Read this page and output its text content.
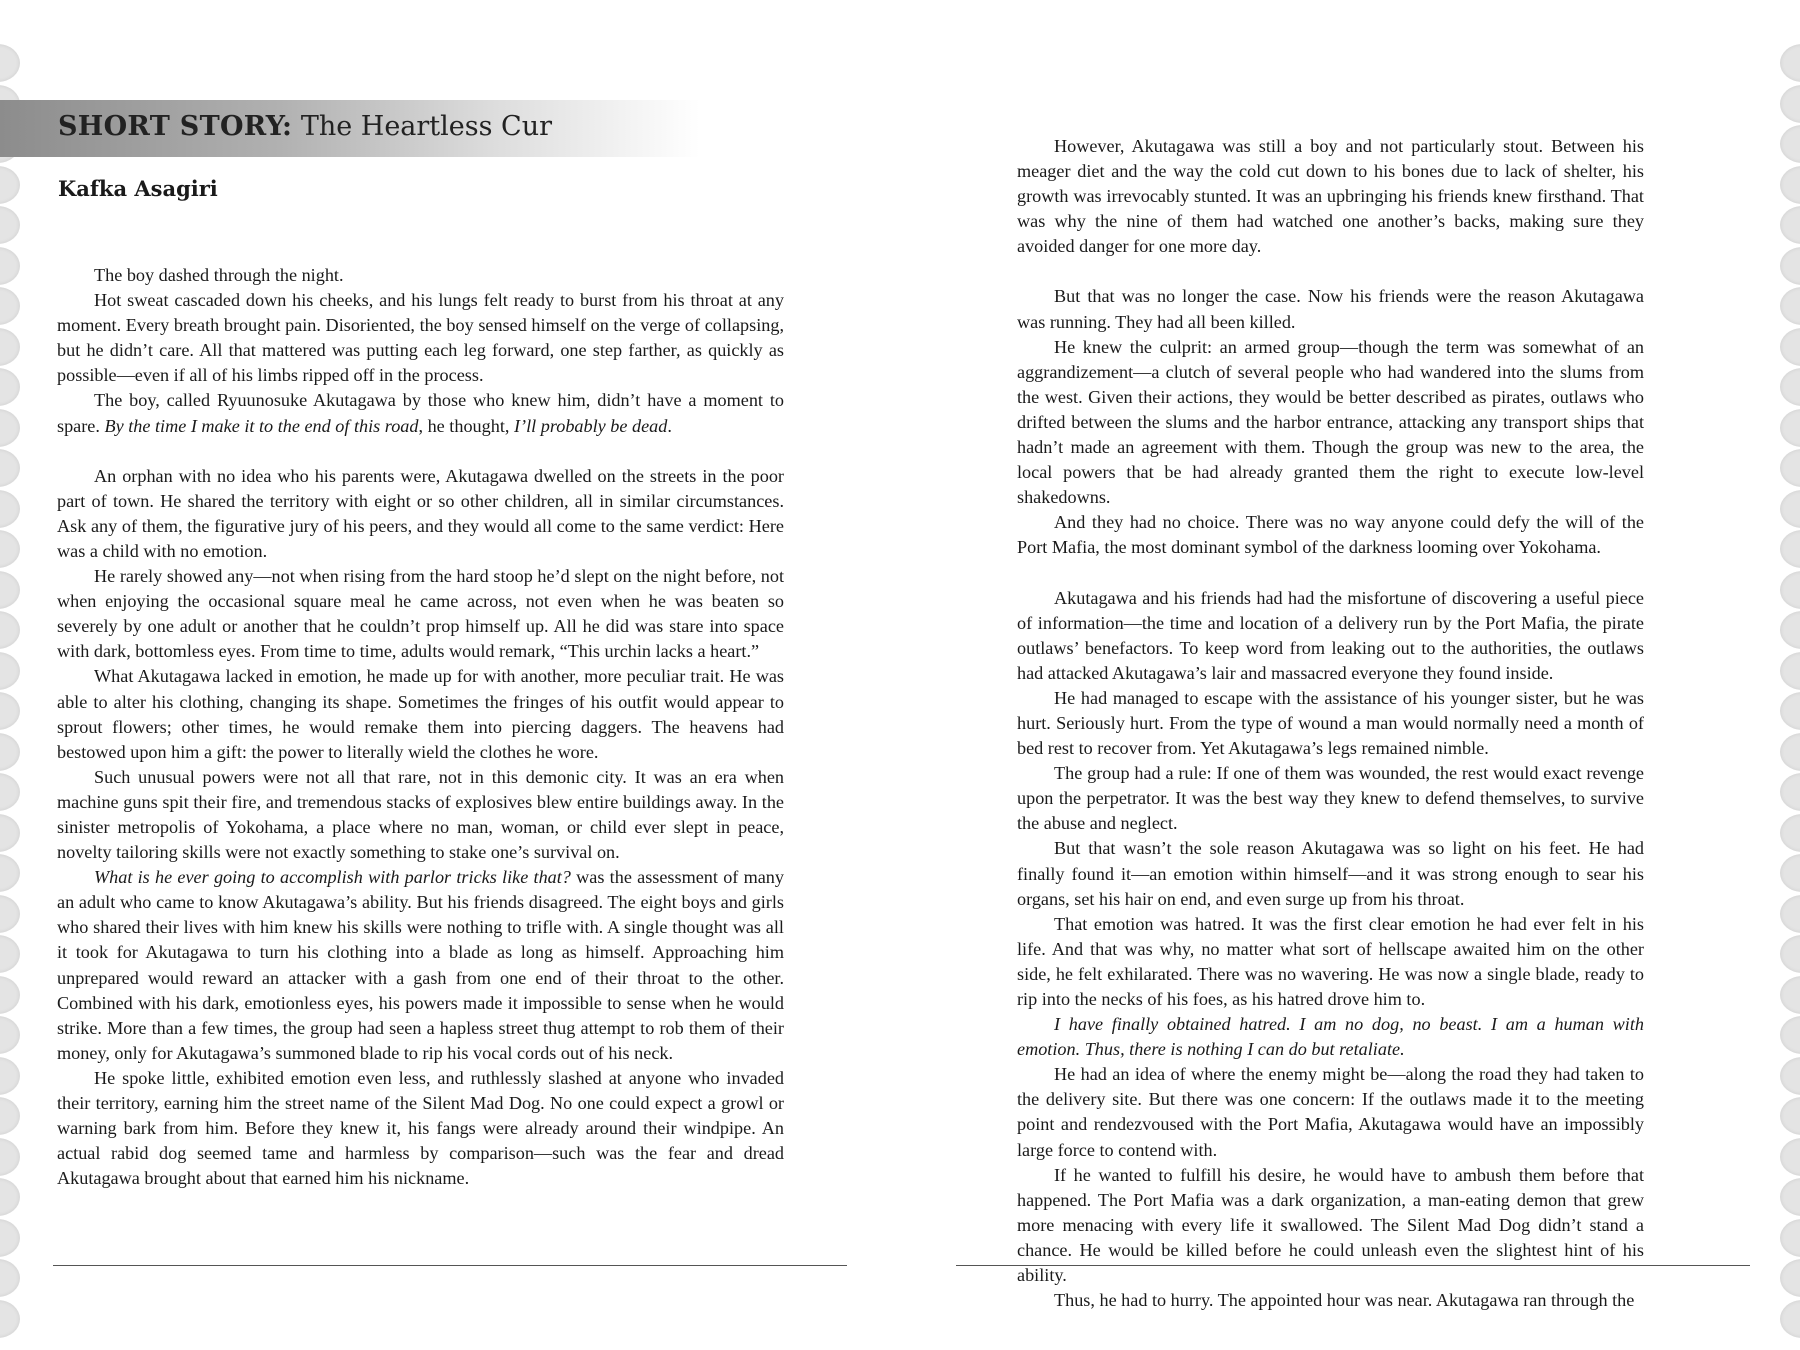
SHORT STORY: The Heartless Cur
Kafka Asagiri

The boy dashed through the night.

Hot sweat cascaded down his cheeks, and his lungs felt ready to burst from his throat at any moment. Every breath brought pain. Disoriented, the boy sensed himself on the verge of collapsing, but he didn’t care. All that mattered was putting each leg forward, one step farther, as quickly as possible—even if all of his limbs ripped off in the process.

The boy, called Ryuunosuke Akutagawa by those who knew him, didn’t have a moment to spare. By the time I make it to the end of this road, he thought, I’ll probably be dead.

An orphan with no idea who his parents were, Akutagawa dwelled on the streets in the poor part of town. He shared the territory with eight or so other children, all in similar circumstances. Ask any of them, the figurative jury of his peers, and they would all come to the same verdict: Here was a child with no emotion.

He rarely showed any—not when rising from the hard stoop he’d slept on the night before, not when enjoying the occasional square meal he came across, not even when he was beaten so severely by one adult or another that he couldn’t prop himself up. All he did was stare into space with dark, bottomless eyes. From time to time, adults would remark, “This urchin lacks a heart.”

What Akutagawa lacked in emotion, he made up for with another, more peculiar trait. He was able to alter his clothing, changing its shape. Sometimes the fringes of his outfit would appear to sprout flowers; other times, he would remake them into piercing daggers. The heavens had bestowed upon him a gift: the power to literally wield the clothes he wore.

Such unusual powers were not all that rare, not in this demonic city. It was an era when machine guns spit their fire, and tremendous stacks of explosives blew entire buildings away. In the sinister metropolis of Yokohama, a place where no man, woman, or child ever slept in peace, novelty tailoring skills were not exactly something to stake one’s survival on.

What is he ever going to accomplish with parlor tricks like that? was the assessment of many an adult who came to know Akutagawa’s ability. But his friends disagreed. The eight boys and girls who shared their lives with him knew his skills were nothing to trifle with. A single thought was all it took for Akutagawa to turn his clothing into a blade as long as himself. Approaching him unprepared would reward an attacker with a gash from one end of their throat to the other. Combined with his dark, emotionless eyes, his powers made it impossible to sense when he would strike. More than a few times, the group had seen a hapless street thug attempt to rob them of their money, only for Akutagawa’s summoned blade to rip his vocal cords out of his neck.

He spoke little, exhibited emotion even less, and ruthlessly slashed at anyone who invaded their territory, earning him the street name of the Silent Mad Dog. No one could expect a growl or warning bark from him. Before they knew it, his fangs were already around their windpipe. An actual rabid dog seemed tame and harmless by comparison—such was the fear and dread Akutagawa brought about that earned him his nickname.

However, Akutagawa was still a boy and not particularly stout. Between his meager diet and the way the cold cut down to his bones due to lack of shelter, his growth was irrevocably stunted. It was an upbringing his friends knew firsthand. That was why the nine of them had watched one another’s backs, making sure they avoided danger for one more day.

But that was no longer the case. Now his friends were the reason Akutagawa was running. They had all been killed.

He knew the culprit: an armed group—though the term was somewhat of an aggrandizement—a clutch of several people who had wandered into the slums from the west. Given their actions, they would be better described as pirates, outlaws who drifted between the slums and the harbor entrance, attacking any transport ships that hadn’t made an agreement with them. Though the group was new to the area, the local powers that be had already granted them the right to execute low-level shakedowns.

And they had no choice. There was no way anyone could defy the will of the Port Mafia, the most dominant symbol of the darkness looming over Yokohama.

Akutagawa and his friends had had the misfortune of discovering a useful piece of information—the time and location of a delivery run by the Port Mafia, the pirate outlaws’ benefactors. To keep word from leaking out to the authorities, the outlaws had attacked Akutagawa’s lair and massacred everyone they found inside.

He had managed to escape with the assistance of his younger sister, but he was hurt. Seriously hurt. From the type of wound a man would normally need a month of bed rest to recover from. Yet Akutagawa’s legs remained nimble.

The group had a rule: If one of them was wounded, the rest would exact revenge upon the perpetrator. It was the best way they knew to defend themselves, to survive the abuse and neglect.

But that wasn’t the sole reason Akutagawa was so light on his feet. He had finally found it—an emotion within himself—and it was strong enough to sear his organs, set his hair on end, and even surge up from his throat.

That emotion was hatred. It was the first clear emotion he had ever felt in his life. And that was why, no matter what sort of hellscape awaited him on the other side, he felt exhilarated. There was no wavering. He was now a single blade, ready to rip into the necks of his foes, as his hatred drove him to.

I have finally obtained hatred. I am no dog, no beast. I am a human with emotion. Thus, there is nothing I can do but retaliate.

He had an idea of where the enemy might be—along the road they had taken to the delivery site. But there was one concern: If the outlaws made it to the meeting point and rendezvoused with the Port Mafia, Akutagawa would have an impossibly large force to contend with.

If he wanted to fulfill his desire, he would have to ambush them before that happened. The Port Mafia was a dark organization, a man-eating demon that grew more menacing with every life it swallowed. The Silent Mad Dog didn’t stand a chance. He would be killed before he could unleash even the slightest hint of his ability.

Thus, he had to hurry. The appointed hour was near. Akutagawa ran through the
